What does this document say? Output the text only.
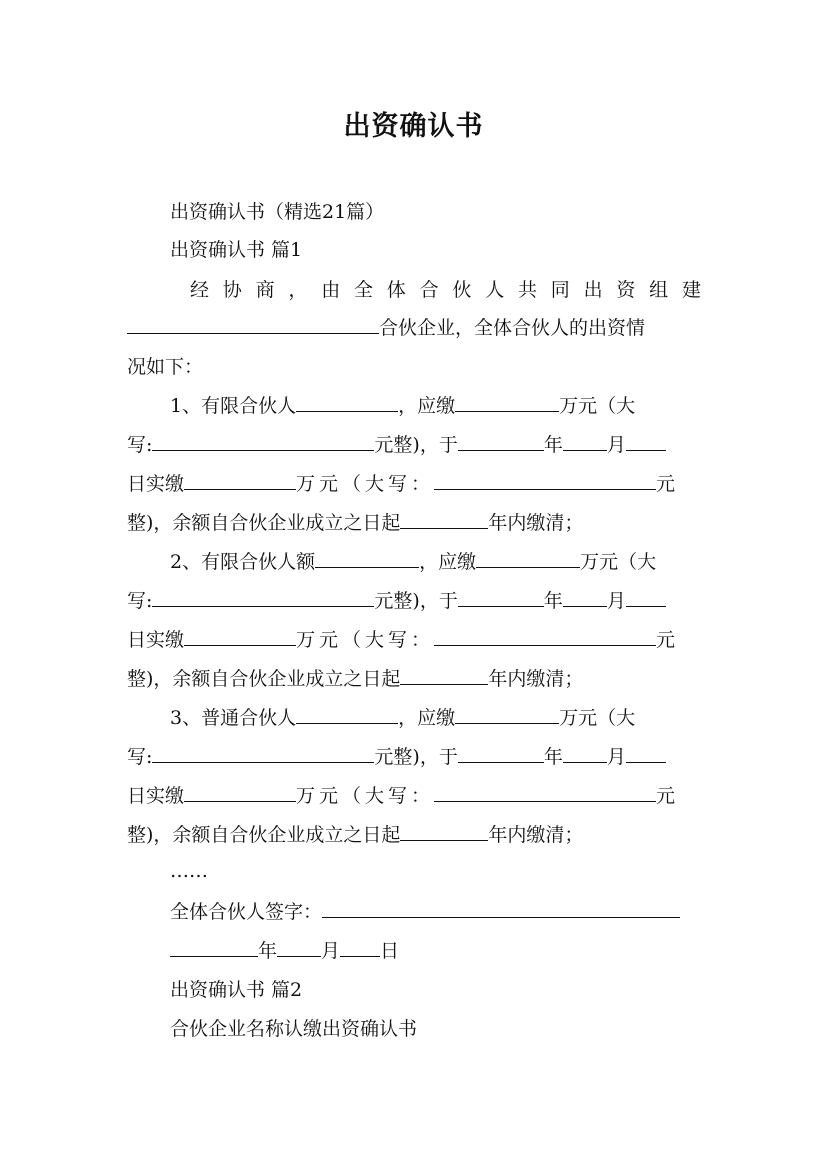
出资确认书
出资确认书（精选21篇）
出资确认书 篇1
经 协 商 ， 由 全 体 合 伙 人 共 同 出 资 组 建
合伙企业，全体合伙人的出资情
况如下：
1、有限合伙人	，应缴	万元（大
写:	元整)，于	年 月
日实缴	万元（大写：	元
整)，余额自合伙企业成立之日起	年内缴清；
2、有限合伙人额	，应缴	万元（大
写:	元整)，于	年 月
日实缴	万元（大写：	元
整)，余额自合伙企业成立之日起	年内缴清；
3、普通合伙人	，应缴	万元（大
写:	元整)，于	年 月
日实缴	万元（大写：	元
整)，余额自合伙企业成立之日起	年内缴清；
……
全体合伙人签字：
年 月 日
出资确认书 篇2
合伙企业名称认缴出资确认书
